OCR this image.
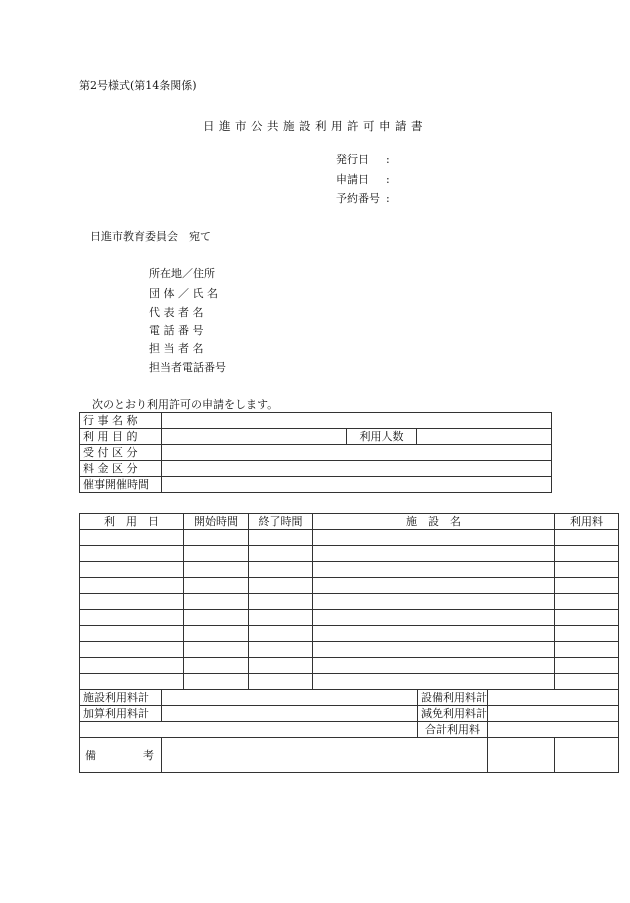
第2号様式(第14条関係)
日進市公共施設利用許可申請書
発行日 :
申請日 :
予約番号 :
日進市教育委員会　宛て
所在地／住所
団 体 ／ 氏 名
代 表 者 名
電 話 番 号
担 当 者 名
担当者電話番号
次のとおり利用許可の申請をします。
行 事 名 称			
利 用 目 的		利用人数	
受 付 区 分			
料 金 区 分			
催事開催時間			
利　用　日		開始時間	終了時間	施　設　名			利用料

施設利用料計					設備利用料計		
加算利用料計					減免利用料計		
					合計利用料		

備 考							
